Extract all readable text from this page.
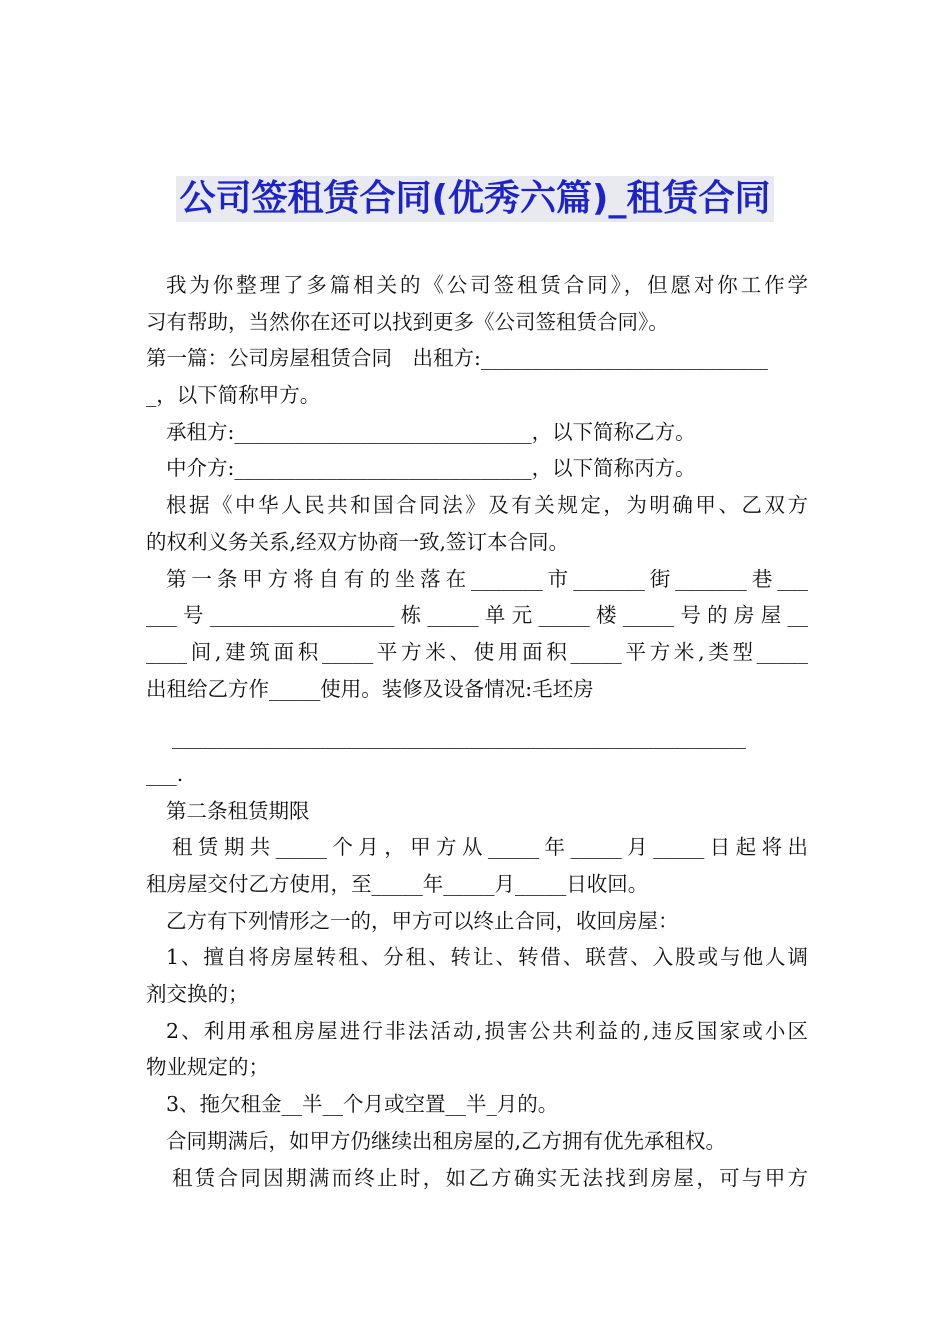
公司签租赁合同(优秀六篇)_租赁合同
我为你整理了多篇相关的《公司签租赁合同》，但愿对你工作学
习有帮助，当然你在还可以找到更多《公司签租赁合同》。
第一篇：公司房屋租赁合同　出租方:____________________________
_，以下简称甲方。
承租方:_____________________________，以下简称乙方。
中介方:_____________________________，以下简称丙方。
根据《中华人民共和国合同法》及有关规定，为明确甲、乙双方
的权利义务关系,经双方协商一致,签订本合同。
第一条甲方将自有的坐落在_______市_______街_______巷___
___号__________________栋_____单元_____楼_____号的房屋__
____间,建筑面积_____平方米、使用面积_____平方米,类型_____
出租给乙方作_____使用。装修及设备情况:毛坯房
________________________________________________________
___.
第二条租赁期限
租赁期共_____个月，甲方从_____年_____月_____日起将出
租房屋交付乙方使用，至_____年_____月_____日收回。
乙方有下列情形之一的，甲方可以终止合同，收回房屋：
1、擅自将房屋转租、分租、转让、转借、联营、入股或与他人调
剂交换的；
2、利用承租房屋进行非法活动,损害公共利益的,违反国家或小区
物业规定的；
3、拖欠租金__半__个月或空置__半_月的。
合同期满后，如甲方仍继续出租房屋的,乙方拥有优先承租权。
租赁合同因期满而终止时，如乙方确实无法找到房屋，可与甲方
